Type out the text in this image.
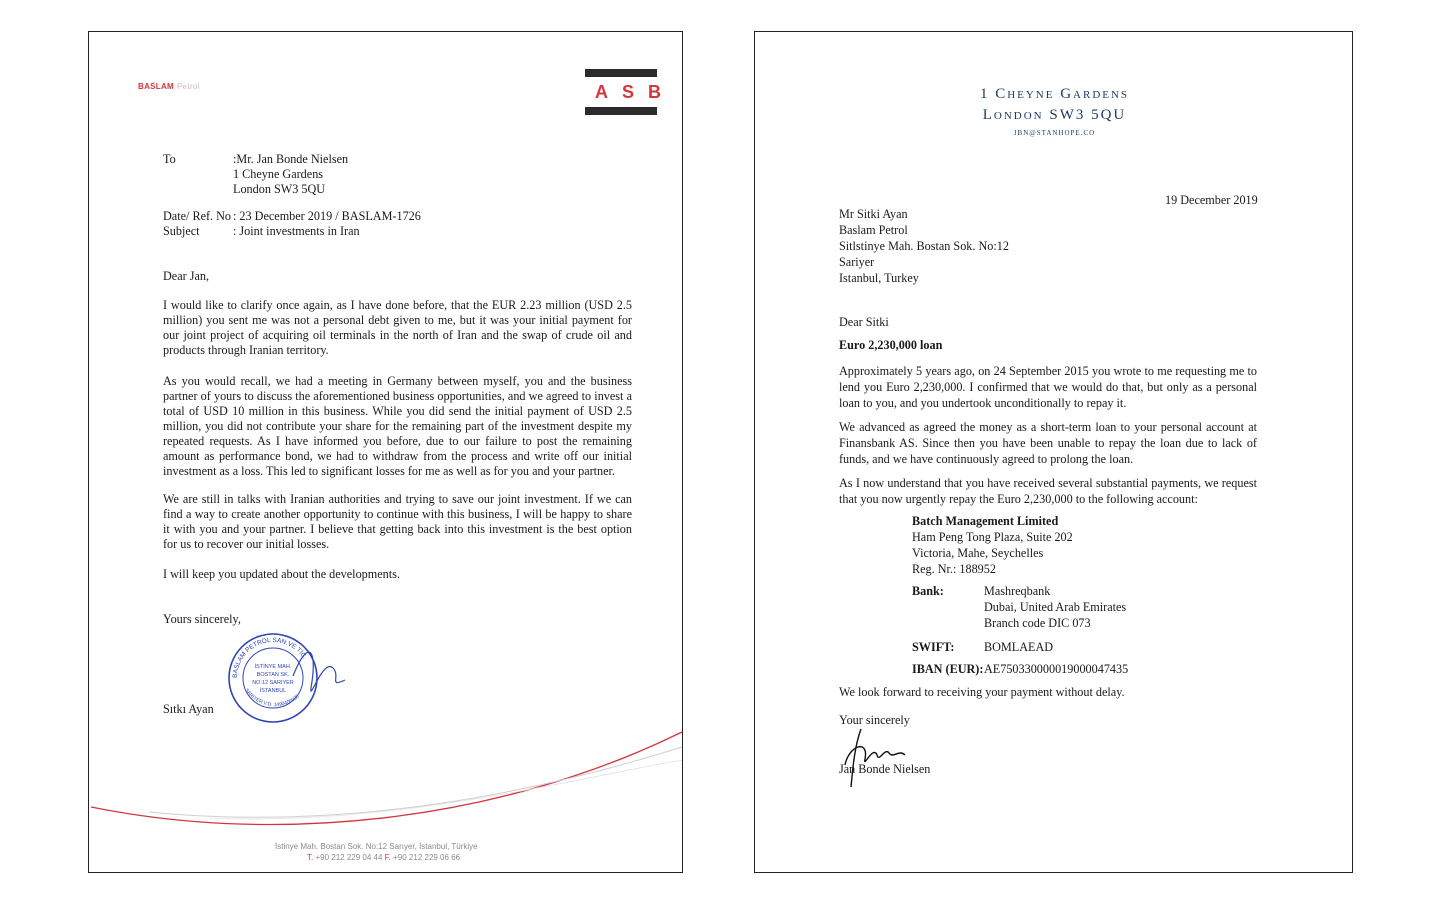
BASLAM Petrol	ASB
To	:Mr. Jan Bonde Nielsen
1 Cheyne Gardens
London SW3 5QU
Date/ Ref. No : 23 December 2019 / BASLAM-1726
Subject	: Joint investments in Iran
Dear Jan,

I would like to clarify once again, as I have done before, that the EUR 2.23 million (USD 2.5 million) you sent me was not a personal debt given to me, but it was your initial payment for our joint project of acquiring oil terminals in the north of Iran and the swap of crude oil and products through Iranian territory.

As you would recall, we had a meeting in Germany between myself, you and the business partner of yours to discuss the aforementioned business opportunities, and we agreed to invest a total of USD 10 million in this business. While you did send the initial payment of USD 2.5 million, you did not contribute your share for the remaining part of the investment despite my repeated requests. As I have informed you before, due to our failure to post the remaining amount as performance bond, we had to withdraw from the process and write off our initial investment as a loss. This led to significant losses for me as well as for you and your partner.

We are still in talks with Iranian authorities and trying to save our joint investment. If we can find a way to create another opportunity to continue with this business, I will be happy to share it with you and your partner. I believe that getting back into this investment is the best option for us to recover our initial losses.

I will keep you updated about the developments.

Yours sincerely,
BASLAM PETROL SAN.VE TİC.
SARIYER V.D. 1490406930
İSTİNYE MAH.
BOSTAN SK.
NO:12 SARIYER
İSTANBUL
Sıtkı Ayan
İstinye Mah. Bostan Sok. No:12 Sarıyer, İstanbul, Türkiye
T. +90 212 229 04 44 F. +90 212 229 06 66
1 Cheyne Gardens
London SW3 5QU
JBN@STANHOPE.CO
19 December 2019
Mr Sitki Ayan
Baslam Petrol
Sitlstinye Mah. Bostan Sok. No:12
Sariyer
Istanbul, Turkey
Dear Sitki
Euro 2,230,000 loan

Approximately 5 years ago, on 24 September 2015 you wrote to me requesting me to lend you Euro 2,230,000. I confirmed that we would do that, but only as a personal loan to you, and you undertook unconditionally to repay it.

We advanced as agreed the money as a short-term loan to your personal account at Finansbank AS. Since then you have been unable to repay the loan due to lack of funds, and we have continuously agreed to prolong the loan.

As I now understand that you have received several substantial payments, we request that you now urgently repay the Euro 2,230,000 to the following account:

Batch Management Limited
Ham Peng Tong Plaza, Suite 202
Victoria, Mahe, Seychelles
Reg. Nr.: 188952
Bank:	Mashreqbank
Dubai, United Arab Emirates
Branch code DIC 073
SWIFT: BOMLAEAD
IBAN (EUR): AE750330000019000047435
We look forward to receiving your payment without delay.
Your sincerely
Jan Bonde Nielsen
